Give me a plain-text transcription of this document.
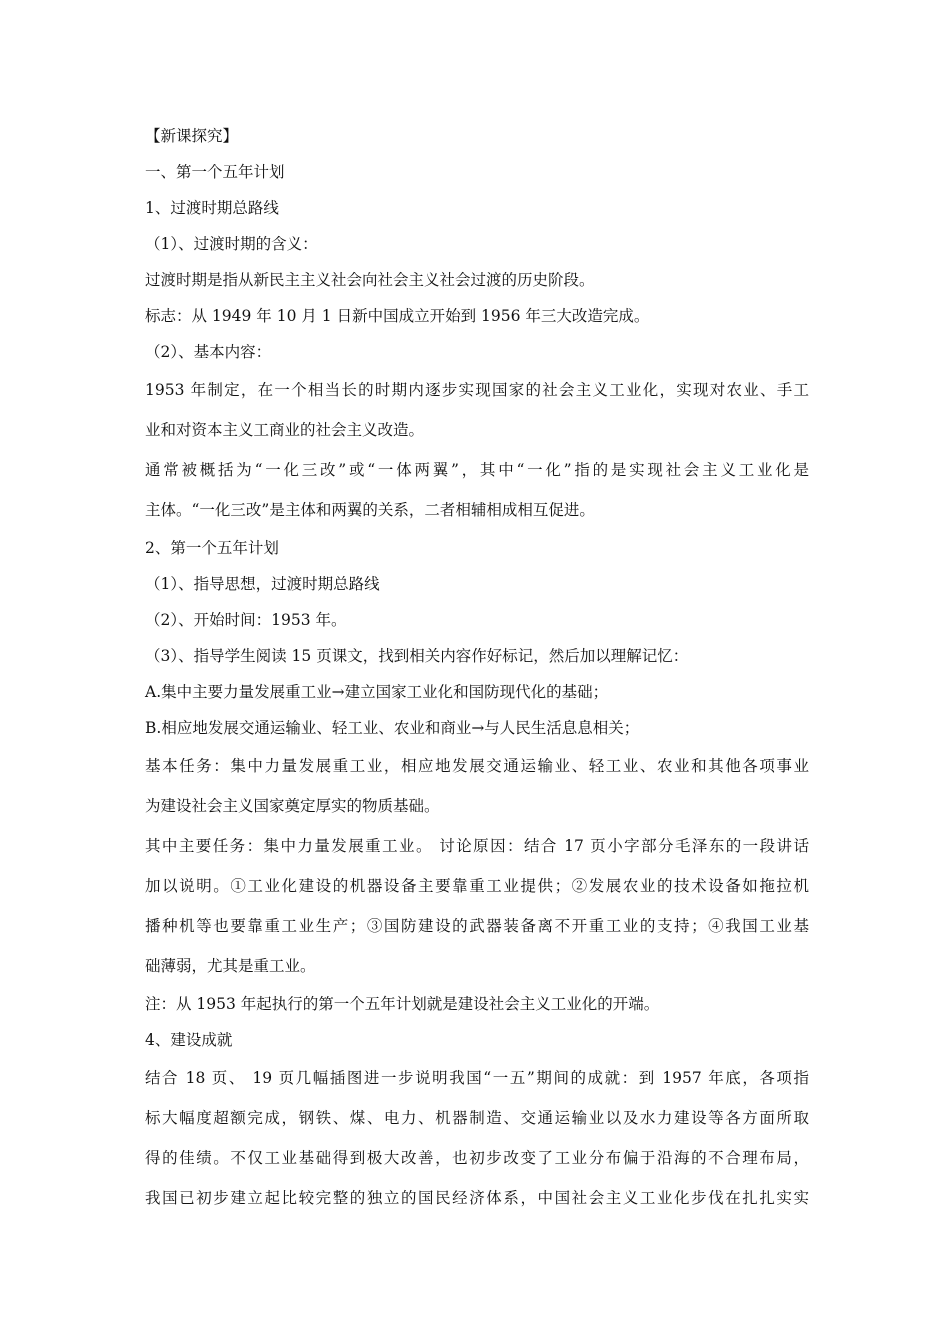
【新课探究】
一、第一个五年计划
1、过渡时期总路线
（1）、过渡时期的含义：
过渡时期是指从新民主主义社会向社会主义社会过渡的历史阶段。
标志：从 1949 年 10 月 1 日新中国成立开始到 1956 年三大改造完成。
（2）、基本内容：
1953 年制定，在一个相当长的时期内逐步实现国家的社会主义工业化，实现对农业、手工
业和对资本主义工商业的社会主义改造。
通常被概括为“一化三改”或“一体两翼”，其中“一化”指的是实现社会主义工业化是
主体。“一化三改”是主体和两翼的关系，二者相辅相成相互促进。
2、第一个五年计划
（1）、指导思想，过渡时期总路线
（2）、开始时间：1953 年。
（3）、指导学生阅读 15 页课文，找到相关内容作好标记，然后加以理解记忆：
A.集中主要力量发展重工业→建立国家工业化和国防现代化的基础；
B.相应地发展交通运输业、轻工业、农业和商业→与人民生活息息相关；
基本任务：集中力量发展重工业，相应地发展交通运输业、轻工业、农业和其他各项事业
为建设社会主义国家奠定厚实的物质基础。
其中主要任务：集中力量发展重工业。 讨论原因：结合 17 页小字部分毛泽东的一段讲话
加以说明。①工业化建设的机器设备主要靠重工业提供；②发展农业的技术设备如拖拉机
播种机等也要靠重工业生产；③国防建设的武器装备离不开重工业的支持；④我国工业基
础薄弱，尤其是重工业。
注：从 1953 年起执行的第一个五年计划就是建设社会主义工业化的开端。
4、建设成就
结合 18 页、 19 页几幅插图进一步说明我国“一五”期间的成就：到 1957 年底，各项指
标大幅度超额完成，钢铁、煤、电力、机器制造、交通运输业以及水力建设等各方面所取
得的佳绩。不仅工业基础得到极大改善，也初步改变了工业分布偏于沿海的不合理布局，
我国已初步建立起比较完整的独立的国民经济体系，中国社会主义工业化步伐在扎扎实实
